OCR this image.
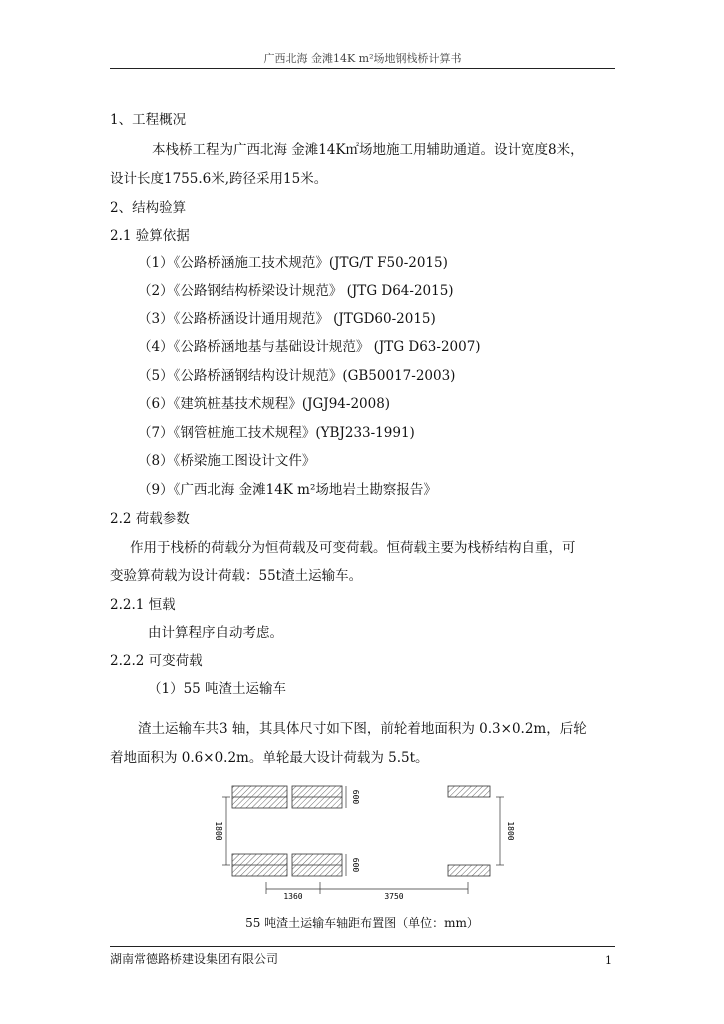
广西北海 金滩14K m²场地钢栈桥计算书
1、工程概况
本栈桥工程为广西北海 金滩14K㎡场地施工用辅助通道。设计宽度8米，
设计长度1755.6米,跨径采用15米。
2、结构验算
2.1 验算依据
（1）《公路桥涵施工技术规范》(JTG/T F50-2015)
（2）《公路钢结构桥梁设计规范》 (JTG D64-2015)
（3）《公路桥涵设计通用规范》 (JTGD60-2015)
（4）《公路桥涵地基与基础设计规范》 (JTG D63-2007)
（5）《公路桥涵钢结构设计规范》(GB50017-2003)
（6）《建筑桩基技术规程》(JGJ94-2008)
（7）《钢管桩施工技术规程》(YBJ233-1991)
（8）《桥梁施工图设计文件》
（9）《广西北海 金滩14K m²场地岩土勘察报告》
2.2 荷载参数
作用于栈桥的荷载分为恒荷载及可变荷载。恒荷载主要为栈桥结构自重，可
变验算荷载为设计荷载：55t渣土运输车。
2.2.1 恒载
由计算程序自动考虑。
2.2.2 可变荷载
（1）55 吨渣土运输车
渣土运输车共3 轴，其具体尺寸如下图，前轮着地面积为 0.3×0.2m，后轮
着地面积为 0.6×0.2m。单轮最大设计荷载为 5.5t。
600
600
1800	1800
1360	3750
55 吨渣土运输车轴距布置图（单位：mm）
湖南常德路桥建设集团有限公司	1
